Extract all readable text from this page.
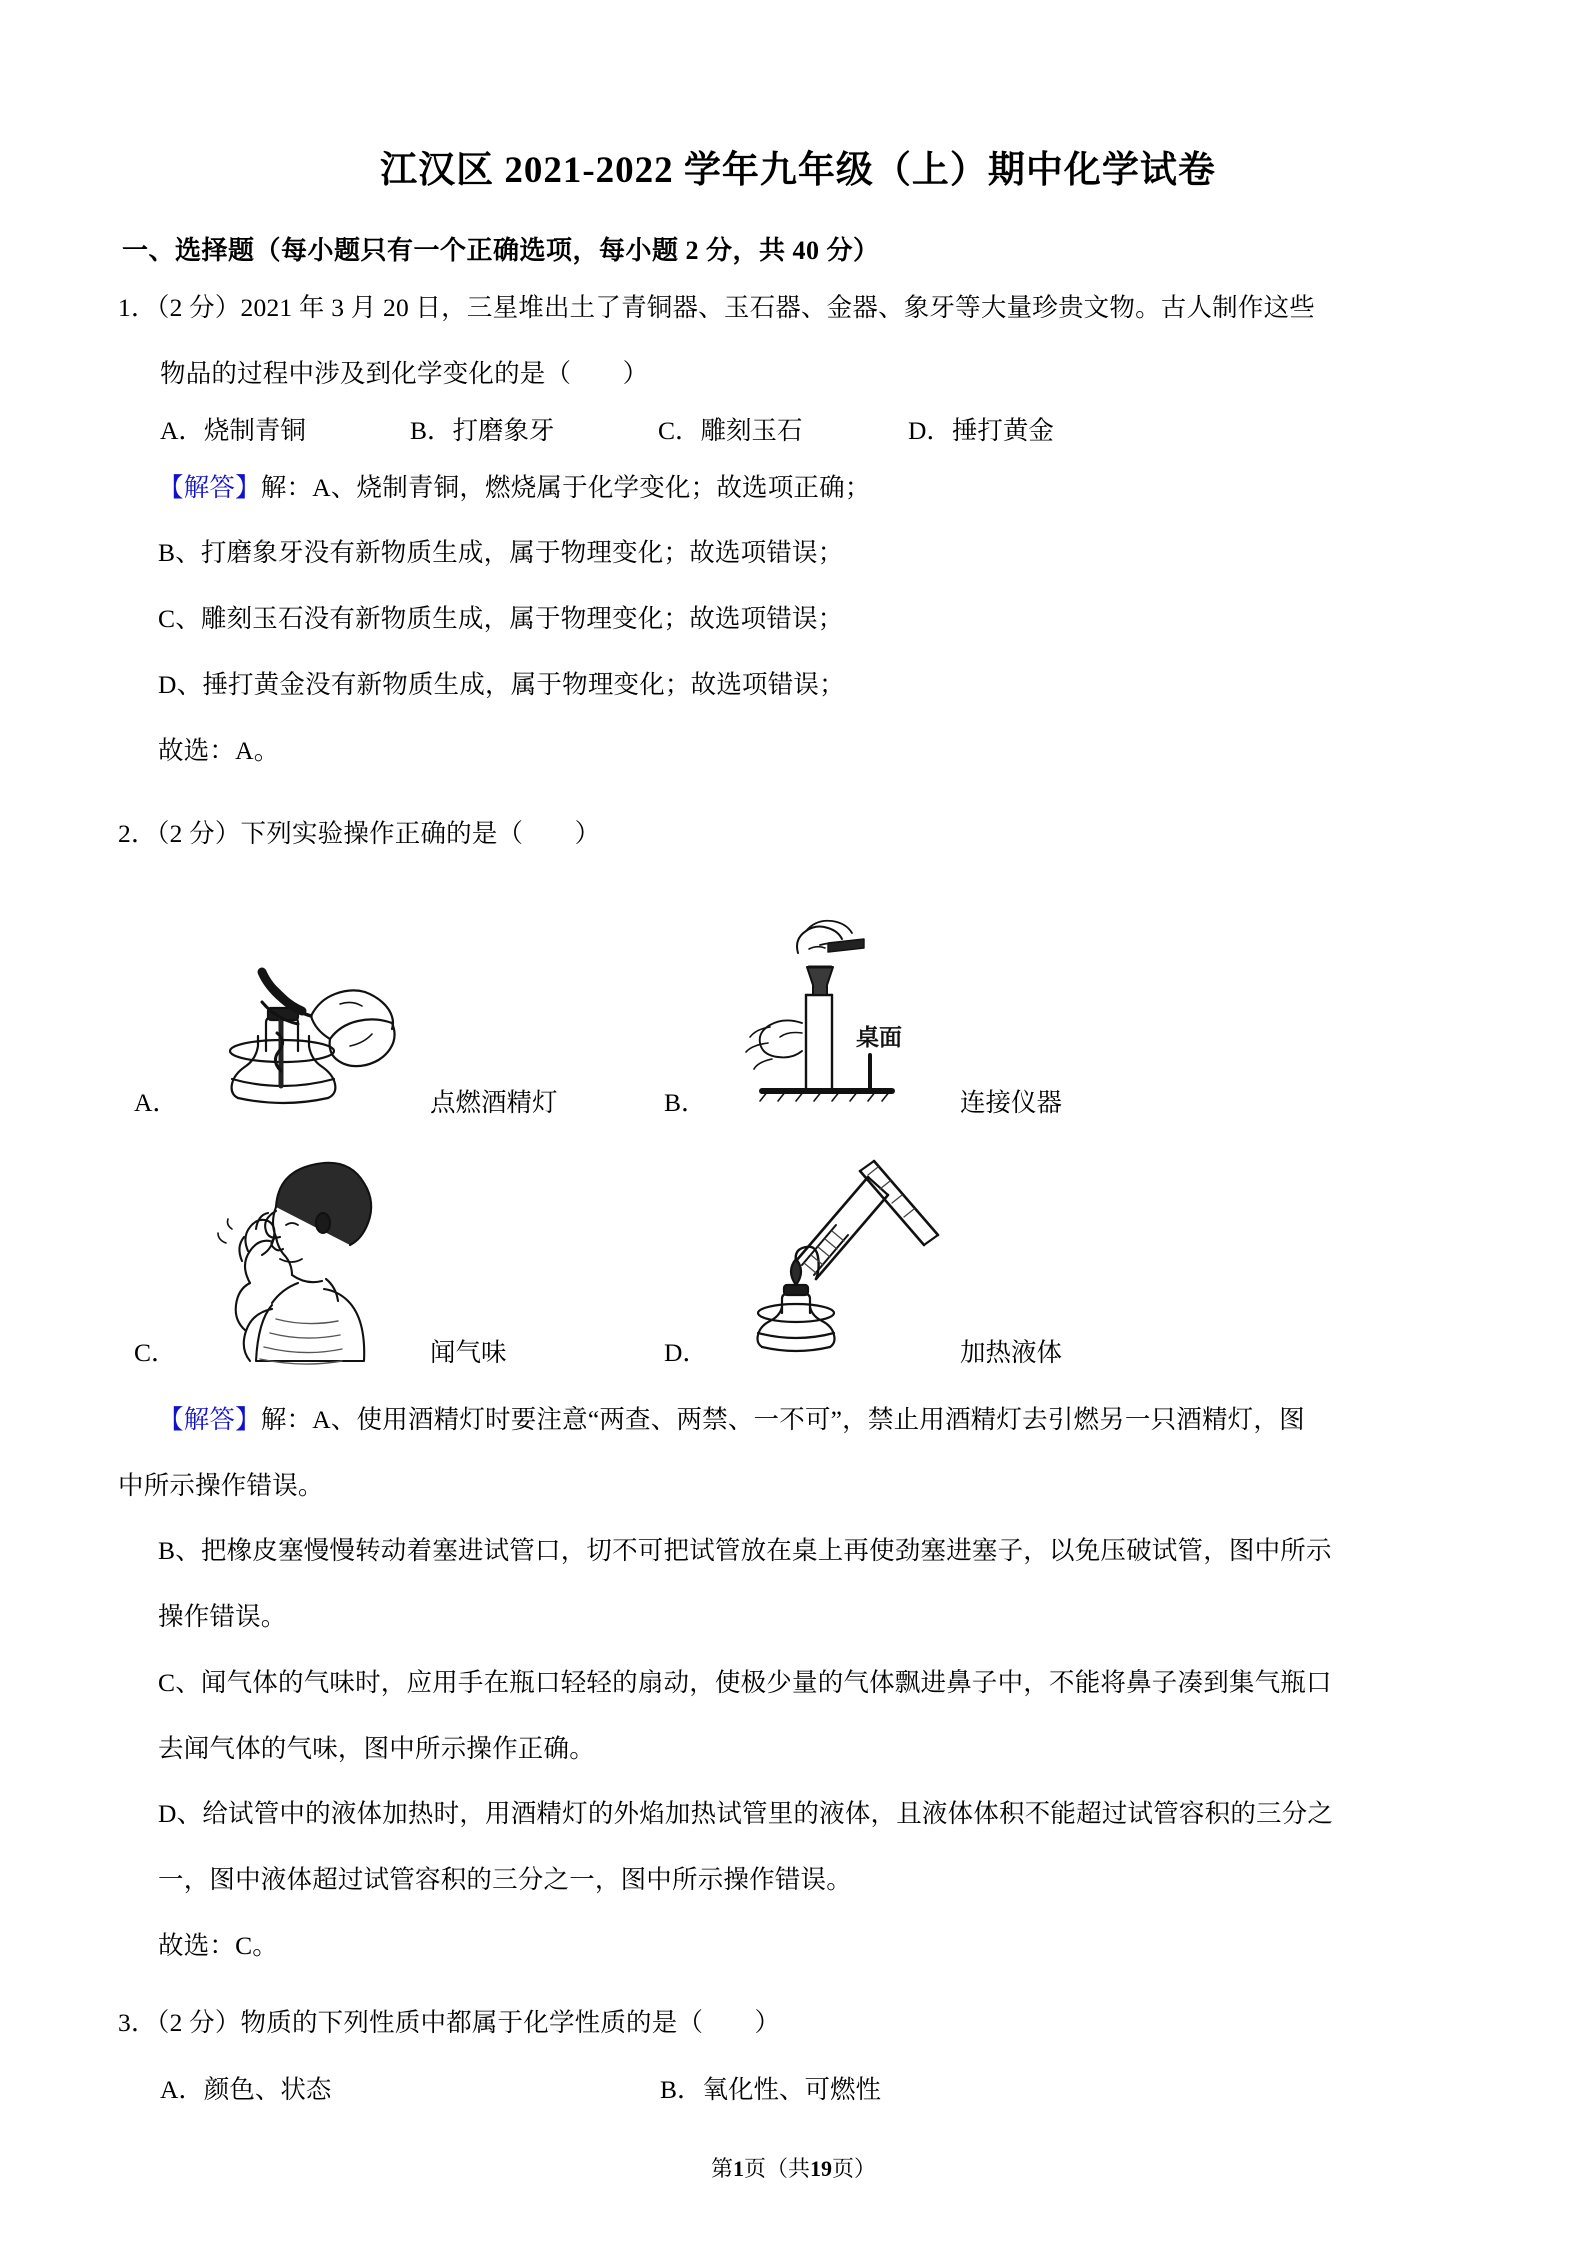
江汉区 2021-2022 学年九年级（上）期中化学试卷
一、选择题（每小题只有一个正确选项，每小题 2 分，共 40 分）
1．（2 分）2021 年 3 月 20 日，三星堆出土了青铜器、玉石器、金器、象牙等大量珍贵文物。古人制作这些
物品的过程中涉及到化学变化的是（　　）
A．烧制青铜	B．打磨象牙	C．雕刻玉石	D．捶打黄金
【解答】解：A、烧制青铜，燃烧属于化学变化；故选项正确；
B、打磨象牙没有新物质生成，属于物理变化；故选项错误；
C、雕刻玉石没有新物质生成，属于物理变化；故选项错误；
D、捶打黄金没有新物质生成，属于物理变化；故选项错误；
故选：A。
2．（2 分）下列实验操作正确的是（　　）
A．	点燃酒精灯	B．
桌面
连接仪器
C．	闻气味	D．	加热液体
【解答】解：A、使用酒精灯时要注意“两查、两禁、一不可”，禁止用酒精灯去引燃另一只酒精灯，图
中所示操作错误。
B、把橡皮塞慢慢转动着塞进试管口，切不可把试管放在桌上再使劲塞进塞子，以免压破试管，图中所示
操作错误。
C、闻气体的气味时，应用手在瓶口轻轻的扇动，使极少量的气体飘进鼻子中，不能将鼻子凑到集气瓶口
去闻气体的气味，图中所示操作正确。
D、给试管中的液体加热时，用酒精灯的外焰加热试管里的液体，且液体体积不能超过试管容积的三分之
一，图中液体超过试管容积的三分之一，图中所示操作错误。
故选：C。
3．（2 分）物质的下列性质中都属于化学性质的是（　　）
A．颜色、状态	B．氧化性、可燃性
第1页（共19页）
